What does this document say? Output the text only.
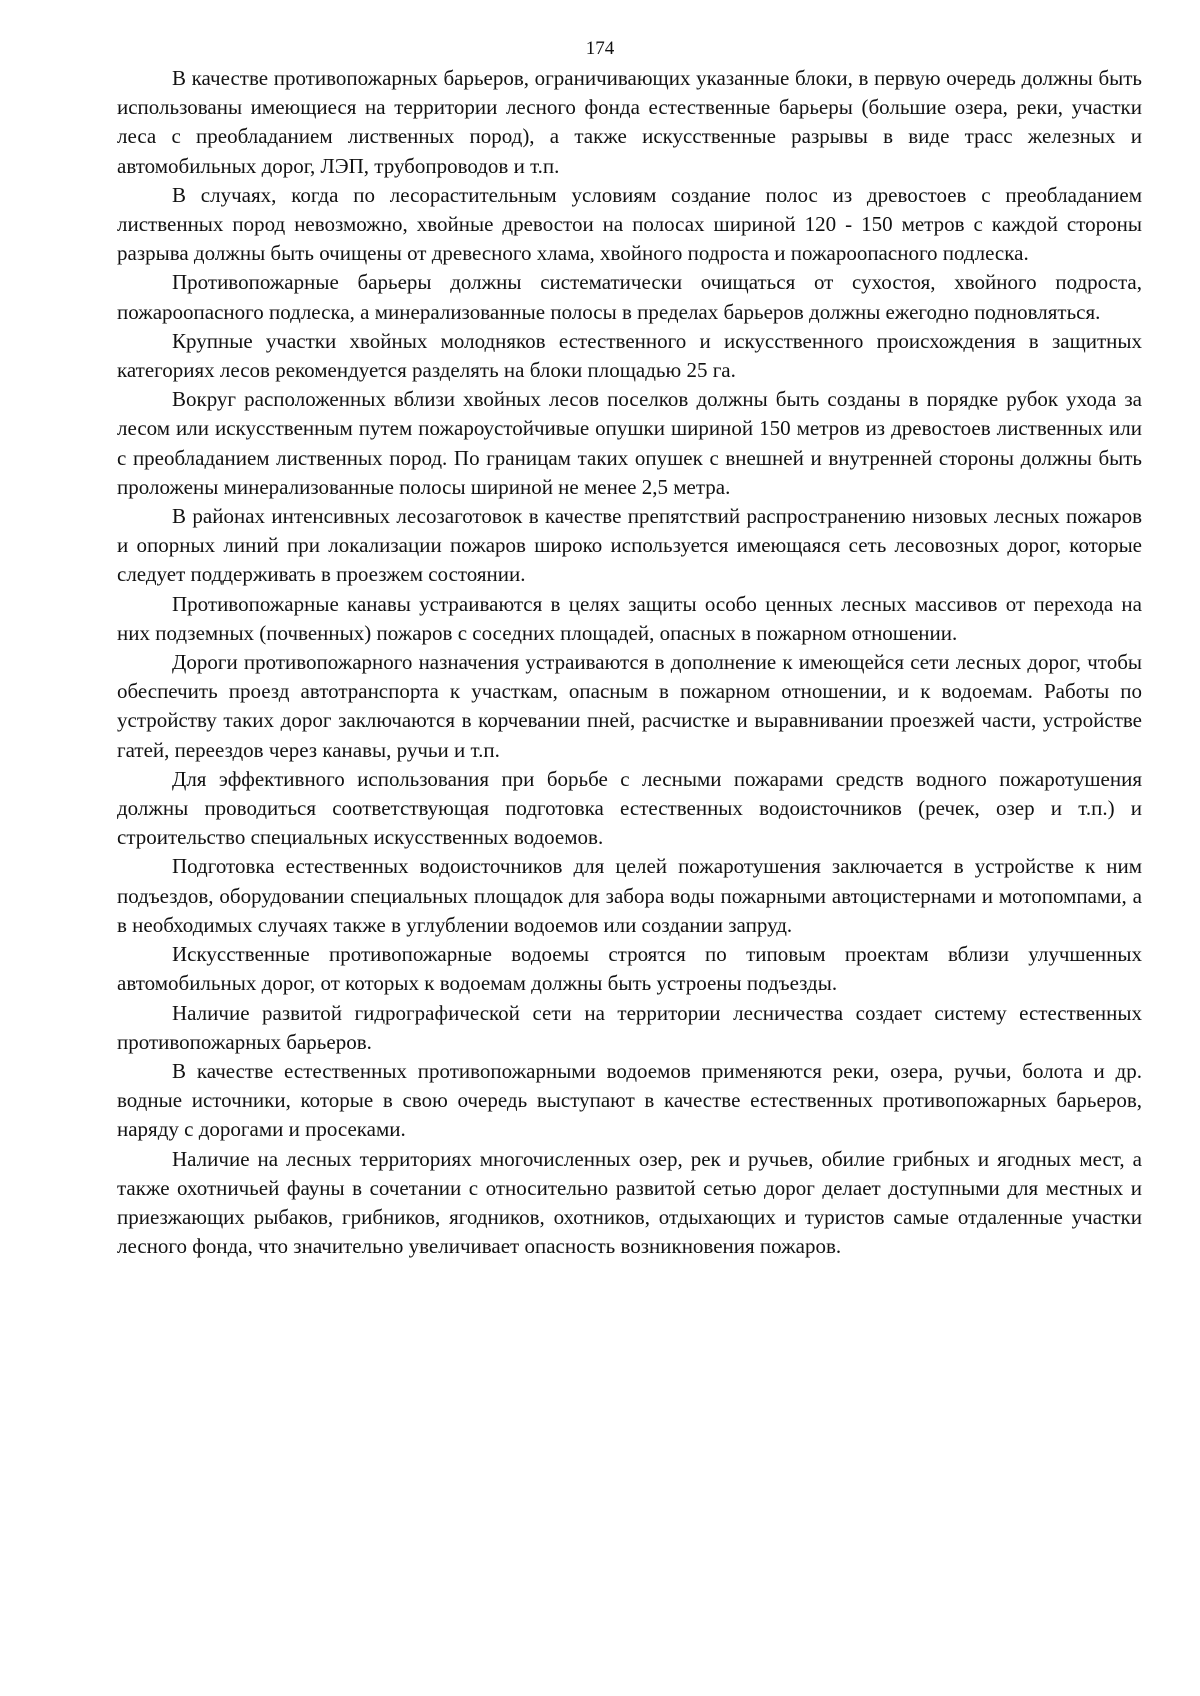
174

В качестве противопожарных барьеров, ограничивающих указанные блоки, в первую очередь должны быть использованы имеющиеся на территории лесного фонда естественные барьеры (большие озера, реки, участки леса с преобладанием лиственных пород), а также искусственные разрывы в виде трасс железных и автомобильных дорог, ЛЭП, трубопроводов и т.п.

В случаях, когда по лесорастительным условиям создание полос из древостоев с преобладанием лиственных пород невозможно, хвойные древостои на полосах шириной 120 - 150 метров с каждой стороны разрыва должны быть очищены от древесного хлама, хвойного подроста и пожароопасного подлеска.

Противопожарные барьеры должны систематически очищаться от сухостоя, хвойного подроста, пожароопасного подлеска, а минерализованные полосы в пределах барьеров должны ежегодно подновляться.

Крупные участки хвойных молодняков естественного и искусственного происхождения в защитных категориях лесов рекомендуется разделять на блоки площадью 25 га.

Вокруг расположенных вблизи хвойных лесов поселков должны быть созданы в порядке рубок ухода за лесом или искусственным путем пожароустойчивые опушки шириной 150 метров из древостоев лиственных или с преобладанием лиственных пород. По границам таких опушек с внешней и внутренней стороны должны быть проложены минерализованные полосы шириной не менее 2,5 метра.

В районах интенсивных лесозаготовок в качестве препятствий распространению низовых лесных пожаров и опорных линий при локализации пожаров широко используется имеющаяся сеть лесовозных дорог, которые следует поддерживать в проезжем состоянии.

Противопожарные канавы устраиваются в целях защиты особо ценных лесных массивов от перехода на них подземных (почвенных) пожаров с соседних площадей, опасных в пожарном отношении.

Дороги противопожарного назначения устраиваются в дополнение к имеющейся сети лесных дорог, чтобы обеспечить проезд автотранспорта к участкам, опасным в пожарном отношении, и к водоемам. Работы по устройству таких дорог заключаются в корчевании пней, расчистке и выравнивании проезжей части, устройстве гатей, переездов через канавы, ручьи и т.п.

Для эффективного использования при борьбе с лесными пожарами средств водного пожаротушения должны проводиться соответствующая подготовка естественных водоисточников (речек, озер и т.п.) и строительство специальных искусственных водоемов.

Подготовка естественных водоисточников для целей пожаротушения заключается в устройстве к ним подъездов, оборудовании специальных площадок для забора воды пожарными автоцистернами и мотопомпами, а в необходимых случаях также в углублении водоемов или создании запруд.

Искусственные противопожарные водоемы строятся по типовым проектам вблизи улучшенных автомобильных дорог, от которых к водоемам должны быть устроены подъезды.

Наличие развитой гидрографической сети на территории лесничества создает систему естественных противопожарных барьеров.

В качестве естественных противопожарными водоемов применяются реки, озера, ручьи, болота и др. водные источники, которые в свою очередь выступают в качестве естественных противопожарных барьеров, наряду с дорогами и просеками.

Наличие на лесных территориях многочисленных озер, рек и ручьев, обилие грибных и ягодных мест, а также охотничьей фауны в сочетании с относительно развитой сетью дорог делает доступными для местных и приезжающих рыбаков, грибников, ягодников, охотников, отдыхающих и туристов самые отдаленные участки лесного фонда, что значительно увеличивает опасность возникновения пожаров.
